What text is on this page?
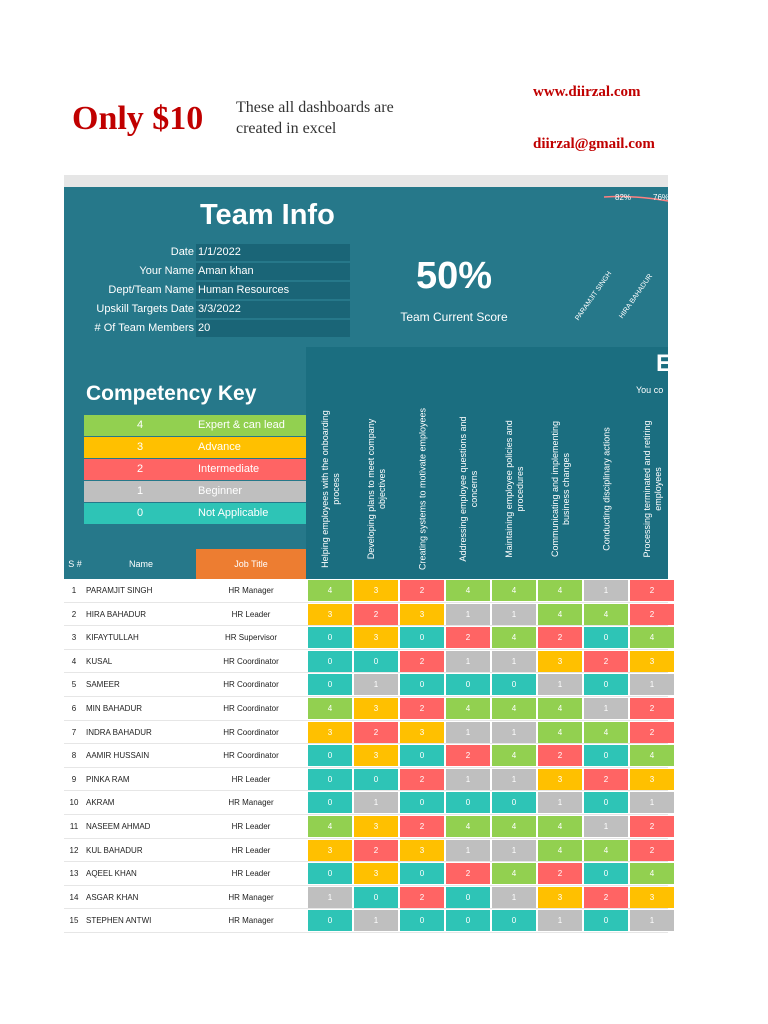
Only $10 These all dashboards are created in excel
www.diirzal.com
diirzal@gmail.com
Team Info
Date 1/1/2022
Your Name Aman khan
Dept/Team Name Human Resources
Upskill Targets Date 3/3/2022
# Of Team Members 20
50%
Team Current Score
82%	76%
PARAMJIT SINGH HIRA BAHADUR
Competency Key
4	Expert & can lead
3	Advance
2	Intermediate
1	Beginner
0	Not Applicable
E
You co
Helping employees with the onboarding process	Developing plans to meet company objectives	Creating systems to motivate employees	Addressing employee questions and concerns	Maintaining employee policies and procedures	Communicating and implementing business changes	Conducting disciplinary actions	Processing terminated and retiring employees
S #	Name	Job Title
1	PARAMJIT SINGH	HR Manager	4	3	2	4	4	4	1	2
2	HIRA BAHADUR	HR Leader	3	2	3	1	1	4	4	2
3	KIFAYTULLAH	HR Supervisor	0	3	0	2	4	2	0	4
4	KUSAL	HR Coordinator	0	0	2	1	1	3	2	3
5	SAMEER	HR Coordinator	0	1	0	0	0	1	0	1
6	MIN BAHADUR	HR Coordinator	4	3	2	4	4	4	1	2
7	INDRA BAHADUR	HR Coordinator	3	2	3	1	1	4	4	2
8	AAMIR HUSSAIN	HR Coordinator	0	3	0	2	4	2	0	4
9	PINKA RAM	HR Leader	0	0	2	1	1	3	2	3
10 AKRAM	HR Manager	0	1	0	0	0	1	0	1
11 NASEEM AHMAD	HR Leader	4	3	2	4	4	4	1	2
12 KUL BAHADUR	HR Leader	3	2	3	1	1	4	4	2
13 AQEEL KHAN	HR Leader	0	3	0	2	4	2	0	4
14 ASGAR KHAN	HR Manager	1	0	2	0	1	3	2	3
15 STEPHEN ANTWI	HR Manager	0	1	0	0	0	1	0	1
